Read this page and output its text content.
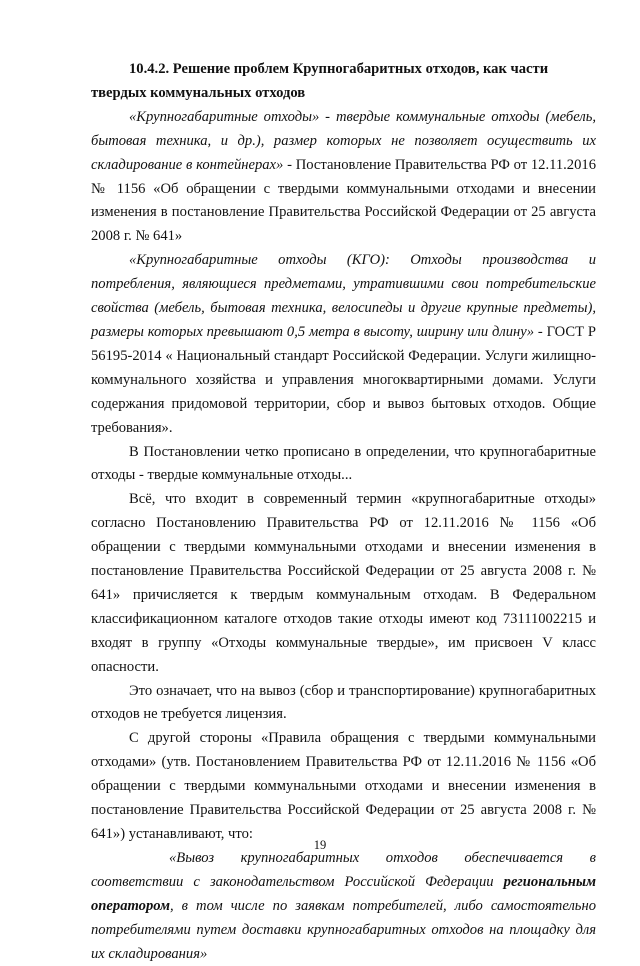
10.4.2. Решение проблем Крупногабаритных отходов, как части твердых коммунальных отходов

«Крупногабаритные отходы» - твердые коммунальные отходы (мебель, бытовая техника, и др.), размер которых не позволяет осуществить их складирование в контейнерах» - Постановление Правительства РФ от 12.11.2016 № 1156 «Об обращении с твердыми коммунальными отходами и внесении изменения в постановление Правительства Российской Федерации от 25 августа 2008 г. № 641»

«Крупногабаритные отходы (КГО): Отходы производства и потребления, являющиеся предметами, утратившими свои потребительские свойства (мебель, бытовая техника, велосипеды и другие крупные предметы), размеры которых превышают 0,5 метра в высоту, ширину или длину» - ГОСТ Р 56195-2014 « Национальный стандарт Российской Федерации. Услуги жилищно-коммунального хозяйства и управления многоквартирными домами. Услуги содержания придомовой территории, сбор и вывоз бытовых отходов. Общие требования».

В Постановлении четко прописано в определении, что крупногабаритные отходы - твердые коммунальные отходы...

Всё, что входит в современный термин «крупногабаритные отходы» согласно Постановлению Правительства РФ от 12.11.2016 № 1156 «Об обращении с твердыми коммунальными отходами и внесении изменения в постановление Правительства Российской Федерации от 25 августа 2008 г. № 641» причисляется к твердым коммунальным отходам. В Федеральном классификационном каталоге отходов такие отходы имеют код 73111002215 и входят в группу «Отходы коммунальные твердые», им присвоен V класс опасности.

Это означает, что на вывоз (сбор и транспортирование) крупногабаритных отходов не требуется лицензия.

С другой стороны «Правила обращения с твердыми коммунальными отходами» (утв. Постановлением Правительства РФ от 12.11.2016 № 1156 «Об обращении с твердыми коммунальными отходами и внесении изменения в постановление Правительства Российской Федерации от 25 августа 2008 г. № 641») устанавливают, что:

«Вывоз крупногабаритных отходов обеспечивается в соответствии с законодательством Российской Федерации региональным оператором, в том числе по заявкам потребителей, либо самостоятельно потребителями путем доставки крупногабаритных отходов на площадку для их складирования»

19
